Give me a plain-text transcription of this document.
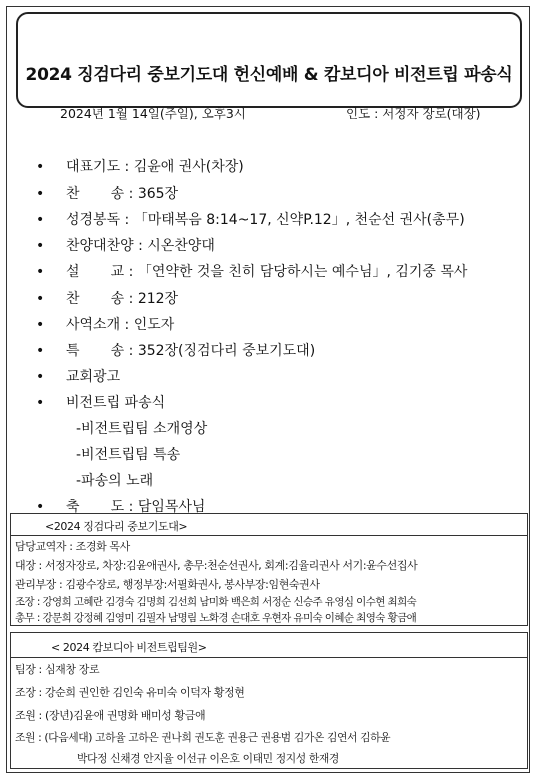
2024 징검다리 중보기도대 헌신예배 & 캄보디아 비전트립 파송식
2024년 1월 14일(주일), 오후3시	인도 : 서정자 장로(대장)
• 대표기도 : 김윤애 권사(차장)
• 찬       송 : 365장
• 성경봉독 : 「마태복음 8:14~17, 신약P.12」, 천순선 권사(총무)
• 찬양대찬양 : 시온찬양대
• 설       교 : 「연약한 것을 친히 담당하시는 예수님」, 김기중 목사
• 찬       송 : 212장
• 사역소개 : 인도자
• 특       송 : 352장(징검다리 중보기도대)
• 교회광고
• 비전트립 파송식
-비전트립팀 소개영상
-비전트립팀 특송
-파송의 노래
• 축       도 : 담임목사님
<2024 징검다리 중보기도대>
담당교역자 : 조경화 목사
대장 : 서정자장로, 차장:김윤애권사, 총무:천순선권사, 회계:김율리권사 서기:윤수선집사
관리부장 : 김광수장로, 행정부장:서필화권사, 봉사부장:임현숙권사
조장 : 강영희 고혜란 김경숙 김명희 김선희 남미화 백은희 서정순 신승주 유영심 이수현 최희숙
총무 : 강문희 강정혜 김영미 김필자 남명림 노화경 손대호 우현자 유미숙 이혜순 최영숙 황금애
< 2024 캄보디아 비전트립팀원>
팀장 : 심재창 장로
조장 : 강순희 권인한 김인숙 유미숙 이덕자 황정현
조원 : (장년)김윤애 권명화 배미성 황금애
조원 : (다음세대) 고하율 고하은 권나희 권도훈 권용근 권용범 김가온 김연서 김하윤
박다정 신채경 안지율 이선규 이은호 이태민 정지성 한재경
